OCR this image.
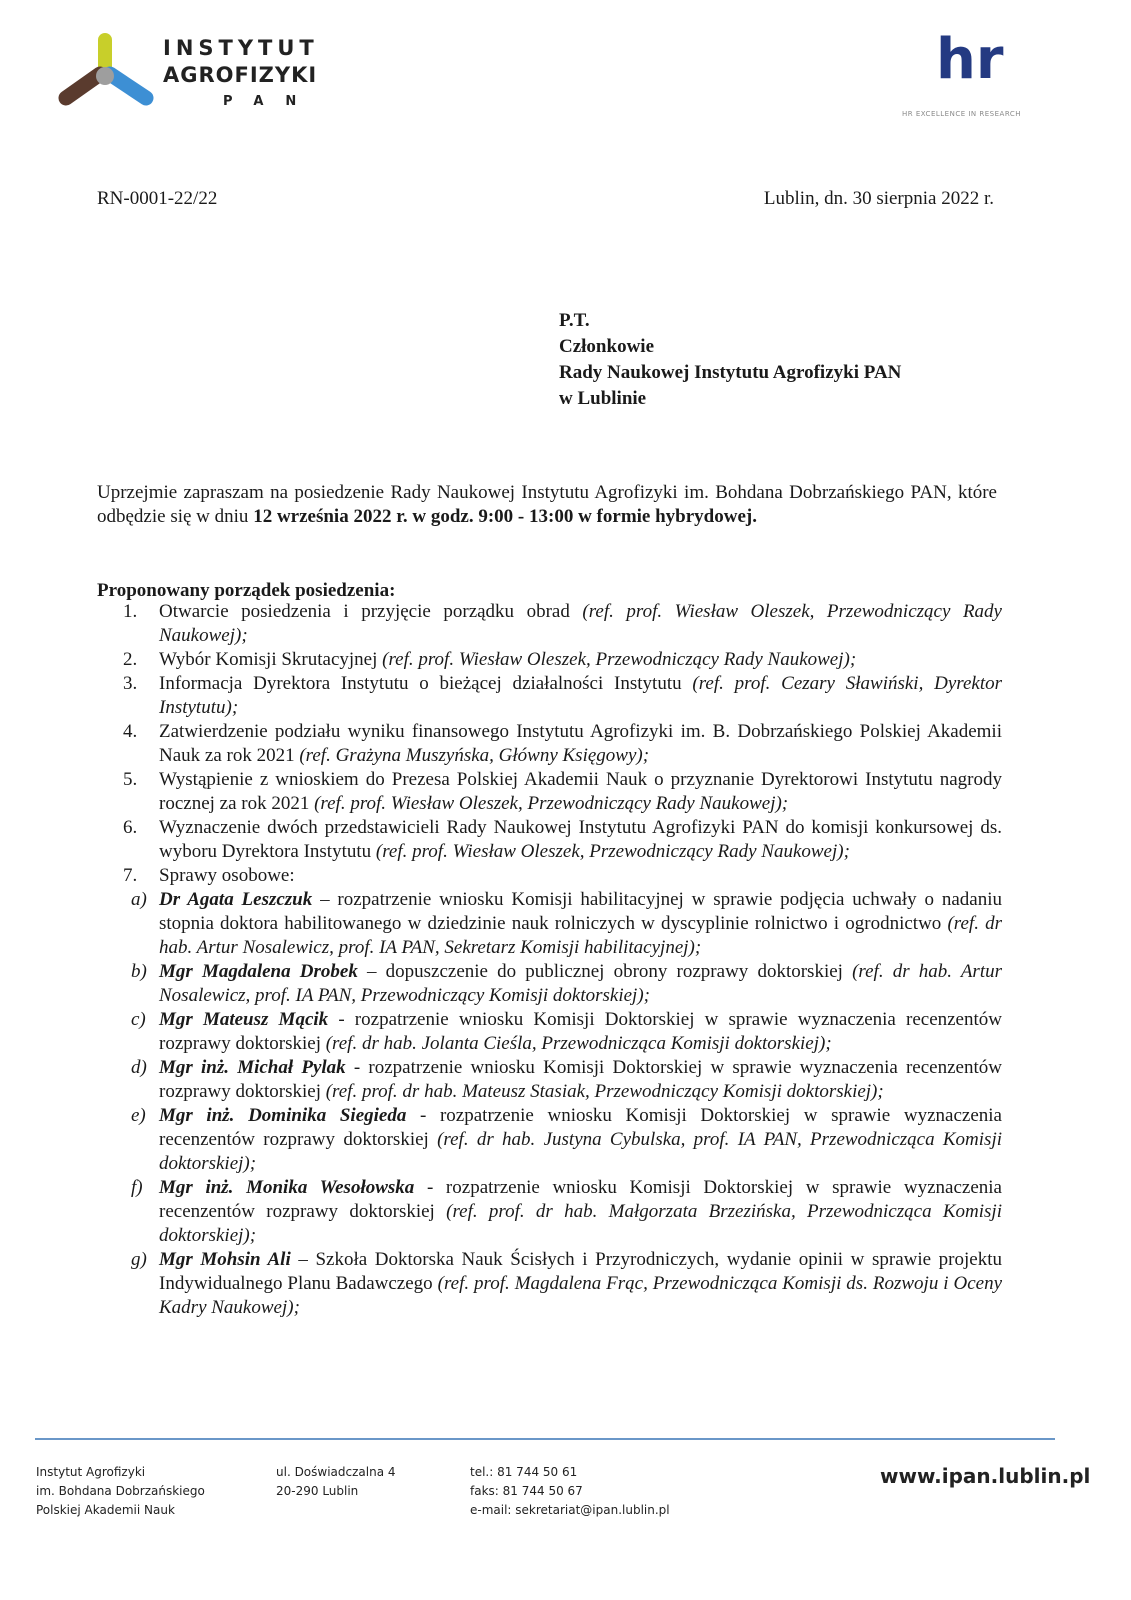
INSTYTUT
AGROFIZYKI
PAN
hr
HR EXCELLENCE IN RESEARCH
RN-0001-22/22	Lublin, dn. 30 sierpnia 2022 r.
P.T.
Członkowie
Rady Naukowej Instytutu Agrofizyki PAN
w Lublinie
Uprzejmie zapraszam na posiedzenie Rady Naukowej Instytutu Agrofizyki im. Bohdana Dobrzańskiego PAN, które odbędzie się w dniu 12 września 2022 r. w godz. 9:00 - 13:00 w formie hybrydowej.
Proponowany porządek posiedzenia:
1. Otwarcie posiedzenia i przyjęcie porządku obrad (ref. prof. Wiesław Oleszek, Przewodniczący Rady Naukowej);
2. Wybór Komisji Skrutacyjnej (ref. prof. Wiesław Oleszek, Przewodniczący Rady Naukowej);
3. Informacja Dyrektora Instytutu o bieżącej działalności Instytutu (ref. prof. Cezary Sławiński, Dyrektor Instytutu);
4. Zatwierdzenie podziału wyniku finansowego Instytutu Agrofizyki im. B. Dobrzańskiego Polskiej Akademii Nauk za rok 2021 (ref. Grażyna Muszyńska, Główny Księgowy);
5. Wystąpienie z wnioskiem do Prezesa Polskiej Akademii Nauk o przyznanie Dyrektorowi Instytutu nagrody rocznej za rok 2021 (ref. prof. Wiesław Oleszek, Przewodniczący Rady Naukowej);
6. Wyznaczenie dwóch przedstawicieli Rady Naukowej Instytutu Agrofizyki PAN do komisji konkursowej ds. wyboru Dyrektora Instytutu (ref. prof. Wiesław Oleszek, Przewodniczący Rady Naukowej);
7. Sprawy osobowe:
a) Dr Agata Leszczuk – rozpatrzenie wniosku Komisji habilitacyjnej w sprawie podjęcia uchwały o nadaniu stopnia doktora habilitowanego w dziedzinie nauk rolniczych w dyscyplinie rolnictwo i ogrodnictwo (ref. dr hab. Artur Nosalewicz, prof. IA PAN, Sekretarz Komisji habilitacyjnej);
b) Mgr Magdalena Drobek – dopuszczenie do publicznej obrony rozprawy doktorskiej (ref. dr hab. Artur Nosalewicz, prof. IA PAN, Przewodniczący Komisji doktorskiej);
c) Mgr Mateusz Mącik - rozpatrzenie wniosku Komisji Doktorskiej w sprawie wyznaczenia recenzentów rozprawy doktorskiej (ref. dr hab. Jolanta Cieśla, Przewodnicząca Komisji doktorskiej);
d) Mgr inż. Michał Pylak - rozpatrzenie wniosku Komisji Doktorskiej w sprawie wyznaczenia recenzentów rozprawy doktorskiej (ref. prof. dr hab. Mateusz Stasiak, Przewodniczący Komisji doktorskiej);
e) Mgr inż. Dominika Siegieda - rozpatrzenie wniosku Komisji Doktorskiej w sprawie wyznaczenia recenzentów rozprawy doktorskiej (ref. dr hab. Justyna Cybulska, prof. IA PAN, Przewodnicząca Komisji doktorskiej);
f) Mgr inż. Monika Wesołowska - rozpatrzenie wniosku Komisji Doktorskiej w sprawie wyznaczenia recenzentów rozprawy doktorskiej (ref. prof. dr hab. Małgorzata Brzezińska, Przewodnicząca Komisji doktorskiej);
g) Mgr Mohsin Ali – Szkoła Doktorska Nauk Ścisłych i Przyrodniczych, wydanie opinii w sprawie projektu Indywidualnego Planu Badawczego (ref. prof. Magdalena Frąc, Przewodnicząca Komisji ds. Rozwoju i Oceny Kadry Naukowej);
Instytut Agrofizyki
im. Bohdana Dobrzańskiego
Polskiej Akademii Nauk
ul. Doświadczalna 4
20-290 Lublin
tel.: 81 744 50 61
faks: 81 744 50 67
e-mail: sekretariat@ipan.lublin.pl
www.ipan.lublin.pl
